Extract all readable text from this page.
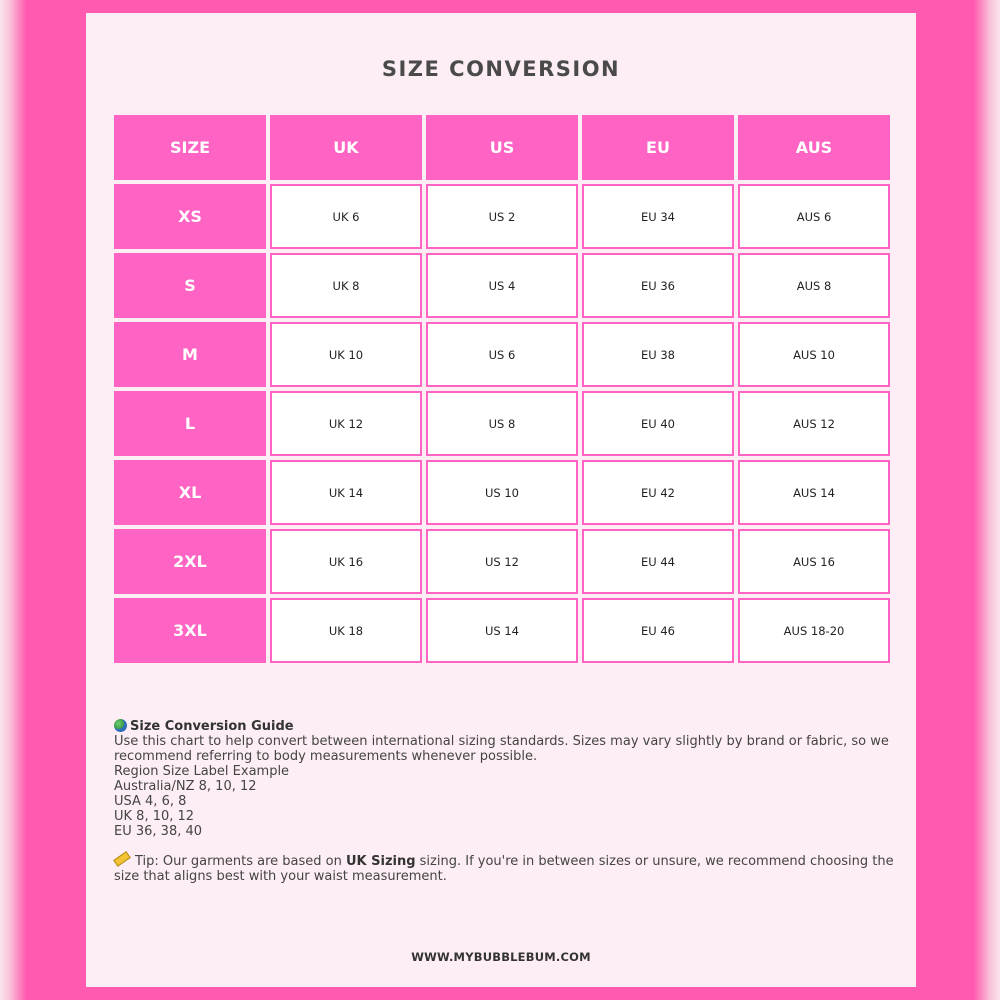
SIZE CONVERSION
SIZE	UK	US	EU	AUS
XS	UK 6	US 2	EU 34	AUS 6
S	UK 8	US 4	EU 36	AUS 8
M	UK 10	US 6	EU 38	AUS 10
L	UK 12	US 8	EU 40	AUS 12
XL	UK 14	US 10	EU 42	AUS 14
2XL	UK 16	US 12	EU 44	AUS 16
3XL	UK 18	US 14	EU 46	AUS 18-20
Size Conversion Guide
Use this chart to help convert between international sizing standards. Sizes may vary slightly by brand or fabric, so we recommend referring to body measurements whenever possible.
Region Size Label Example
Australia/NZ 8, 10, 12
USA 4, 6, 8
UK 8, 10, 12
EU 36, 38, 40
Tip: Our garments are based on UK Sizing sizing. If you're in between sizes or unsure, we recommend choosing the size that aligns best with your waist measurement.
WWW.MYBUBBLEBUM.COM
